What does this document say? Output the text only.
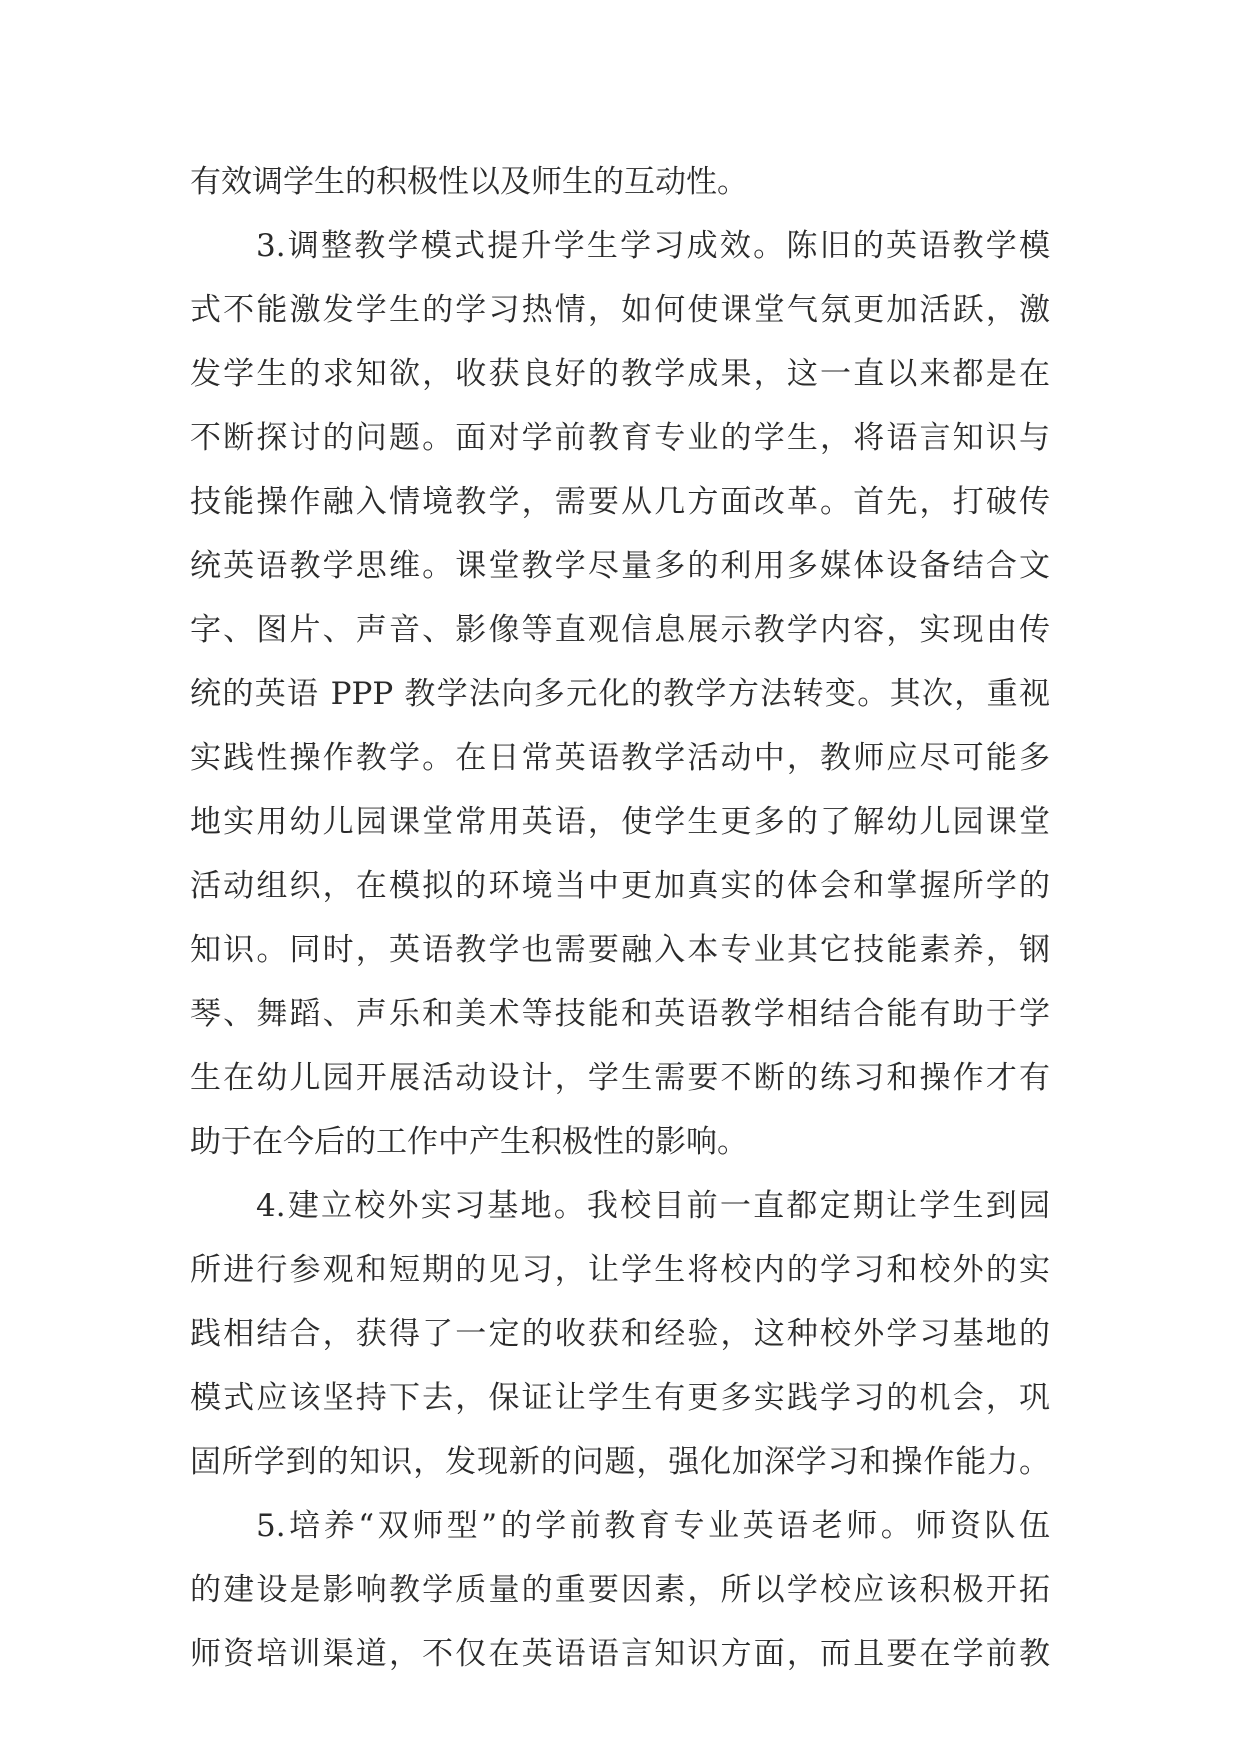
有效调学生的积极性以及师生的互动性。
3.调整教学模式提升学生学习成效。陈旧的英语教学模
式不能激发学生的学习热情，如何使课堂气氛更加活跃，激
发学生的求知欲，收获良好的教学成果，这一直以来都是在
不断探讨的问题。面对学前教育专业的学生，将语言知识与
技能操作融入情境教学，需要从几方面改革。首先，打破传
统英语教学思维。课堂教学尽量多的利用多媒体设备结合文
字、图片、声音、影像等直观信息展示教学内容，实现由传
统的英语 PPP 教学法向多元化的教学方法转变。其次，重视
实践性操作教学。在日常英语教学活动中，教师应尽可能多
地实用幼儿园课堂常用英语，使学生更多的了解幼儿园课堂
活动组织，在模拟的环境当中更加真实的体会和掌握所学的
知识。同时，英语教学也需要融入本专业其它技能素养，钢
琴、舞蹈、声乐和美术等技能和英语教学相结合能有助于学
生在幼儿园开展活动设计，学生需要不断的练习和操作才有
助于在今后的工作中产生积极性的影响。
4.建立校外实习基地。我校目前一直都定期让学生到园
所进行参观和短期的见习，让学生将校内的学习和校外的实
践相结合，获得了一定的收获和经验，这种校外学习基地的
模式应该坚持下去，保证让学生有更多实践学习的机会，巩
固所学到的知识，发现新的问题，强化加深学习和操作能力。
5.培养“双师型”的学前教育专业英语老师。师资队伍
的建设是影响教学质量的重要因素，所以学校应该积极开拓
师资培训渠道，不仅在英语语言知识方面，而且要在学前教
